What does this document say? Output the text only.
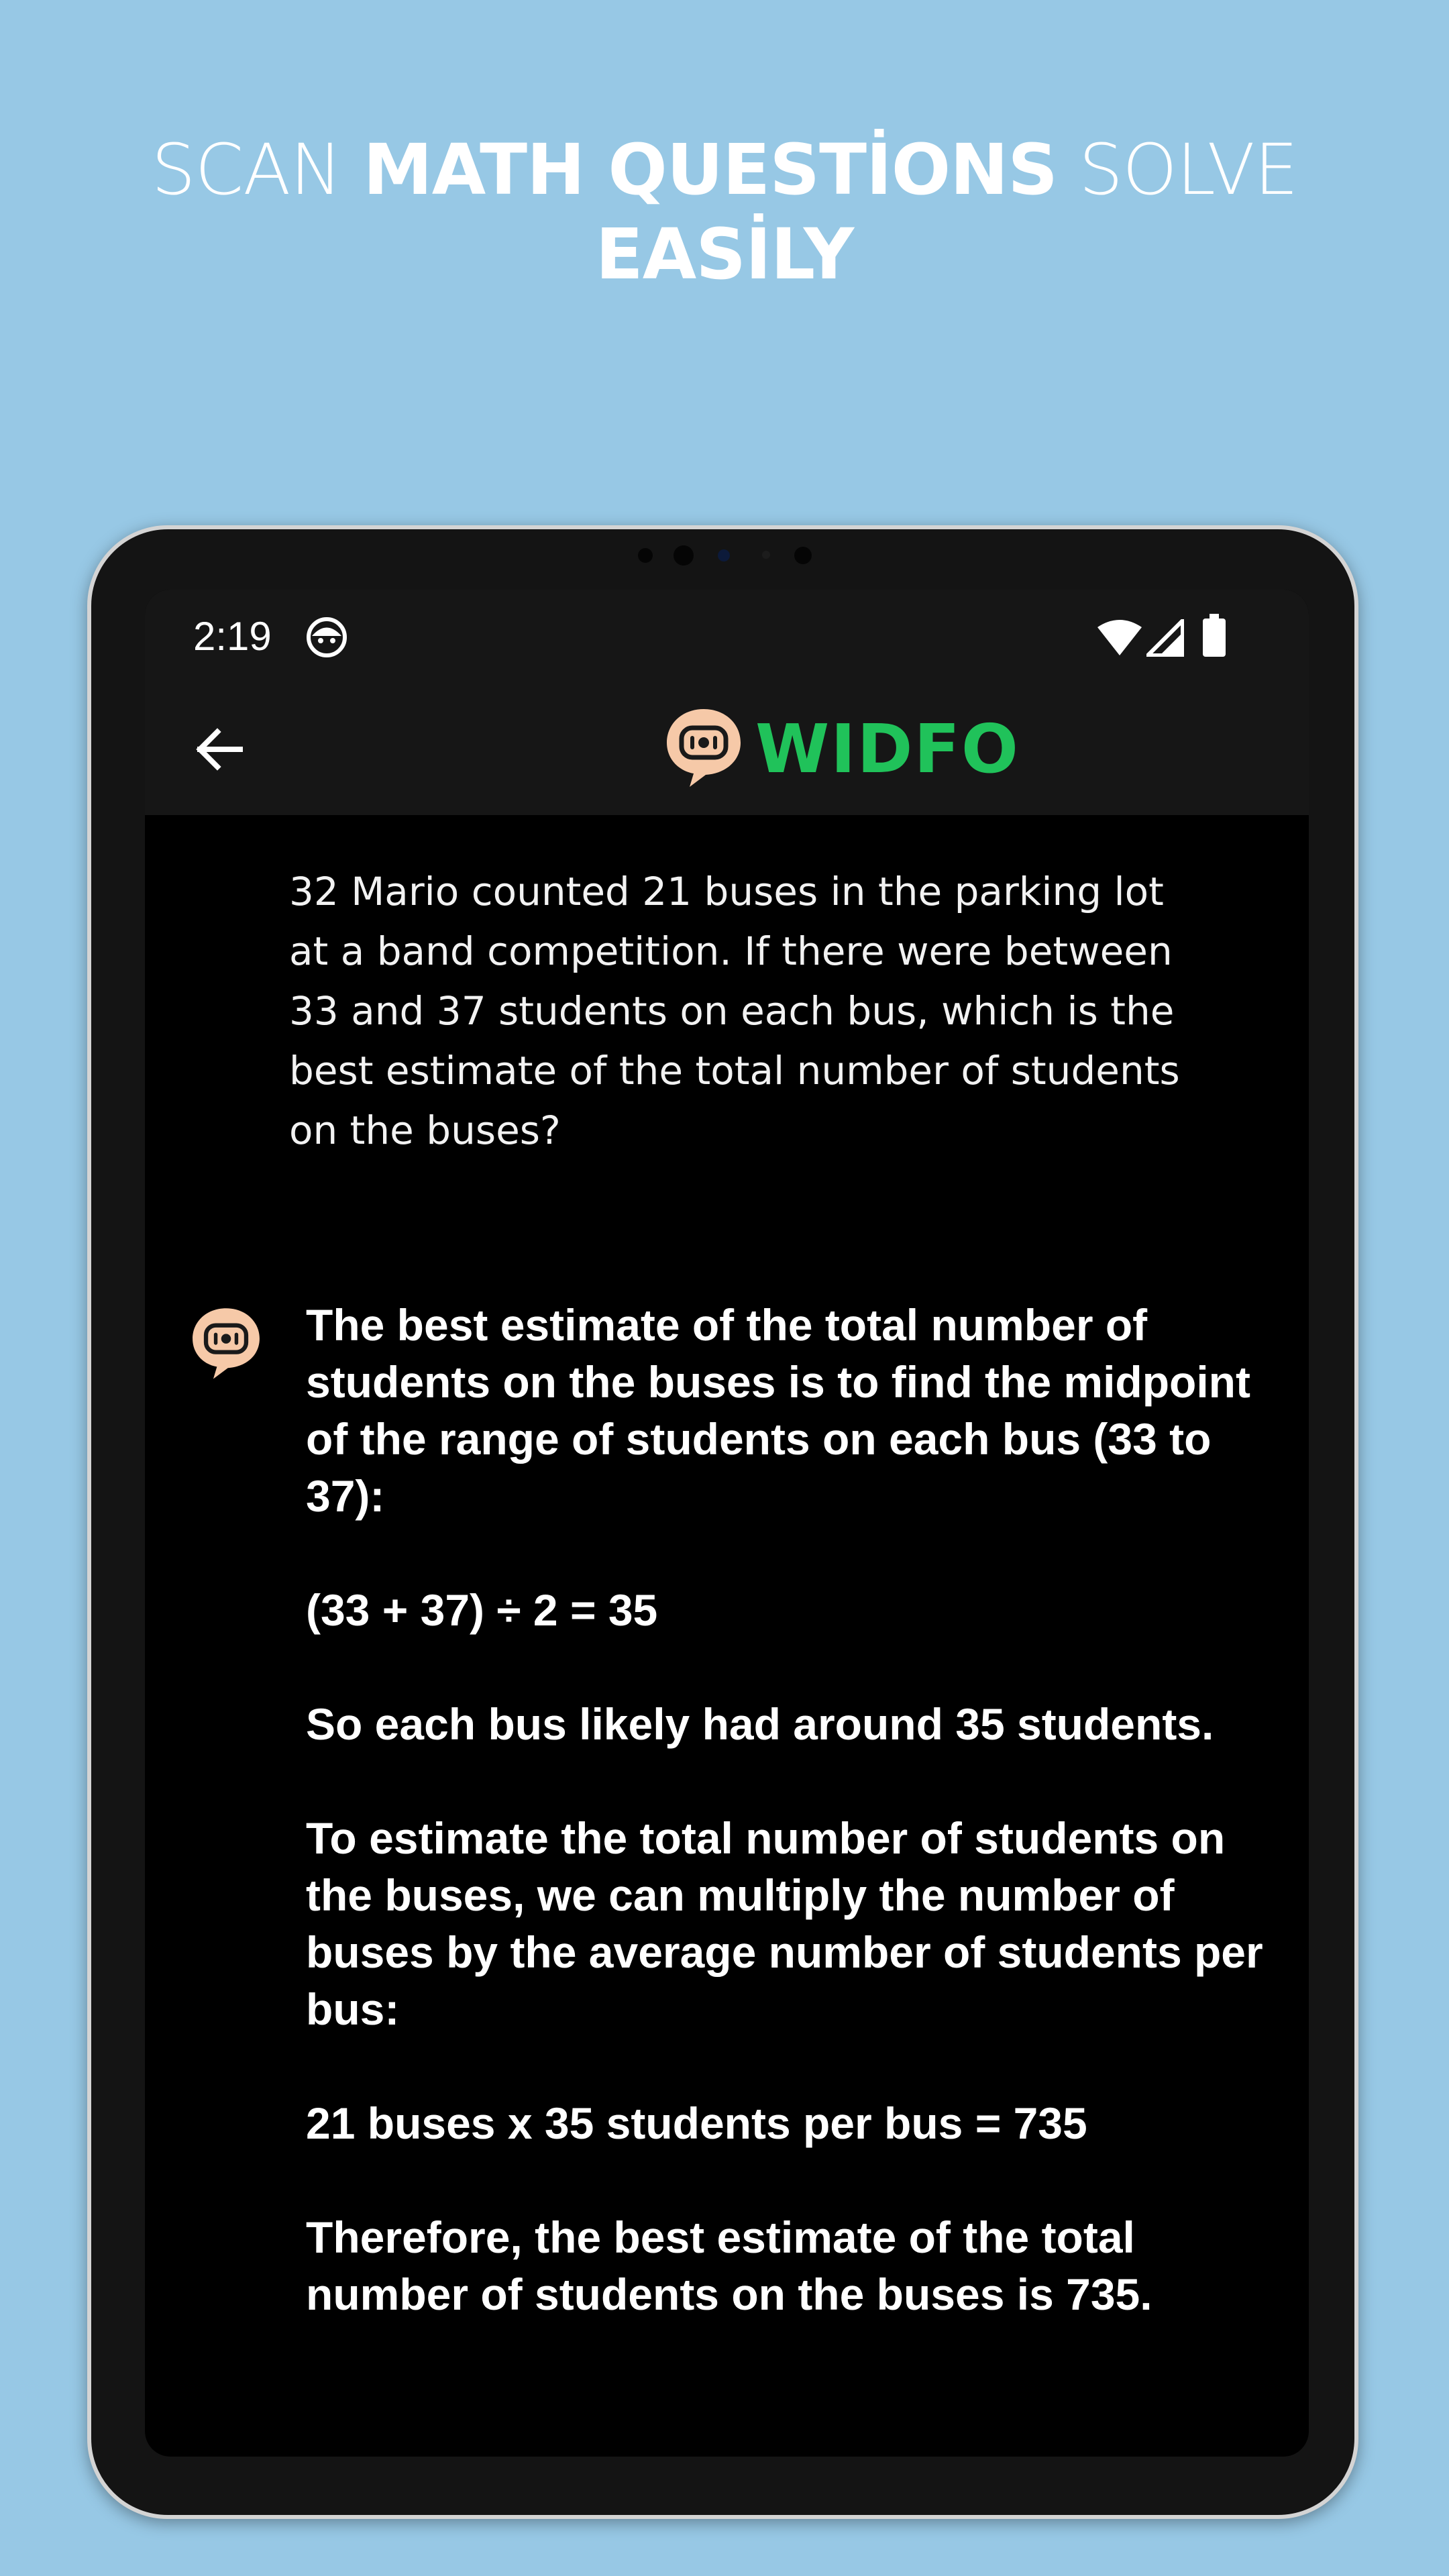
SCAN MATH QUESTİONS SOLVE
EASİLY
2:19
WIDFO
32 Mario counted 21 buses in the parking lot at a band competition. If there were between 33 and 37 students on each bus, which is the best estimate of the total number of students on the buses?

The best estimate of the total number of students on the buses is to find the midpoint of the range of students on each bus (33 to 37):

(33 + 37) ÷ 2 = 35

So each bus likely had around 35 students.

To estimate the total number of students on the buses, we can multiply the number of buses by the average number of students per bus:

21 buses x 35 students per bus = 735

Therefore, the best estimate of the total number of students on the buses is 735.
